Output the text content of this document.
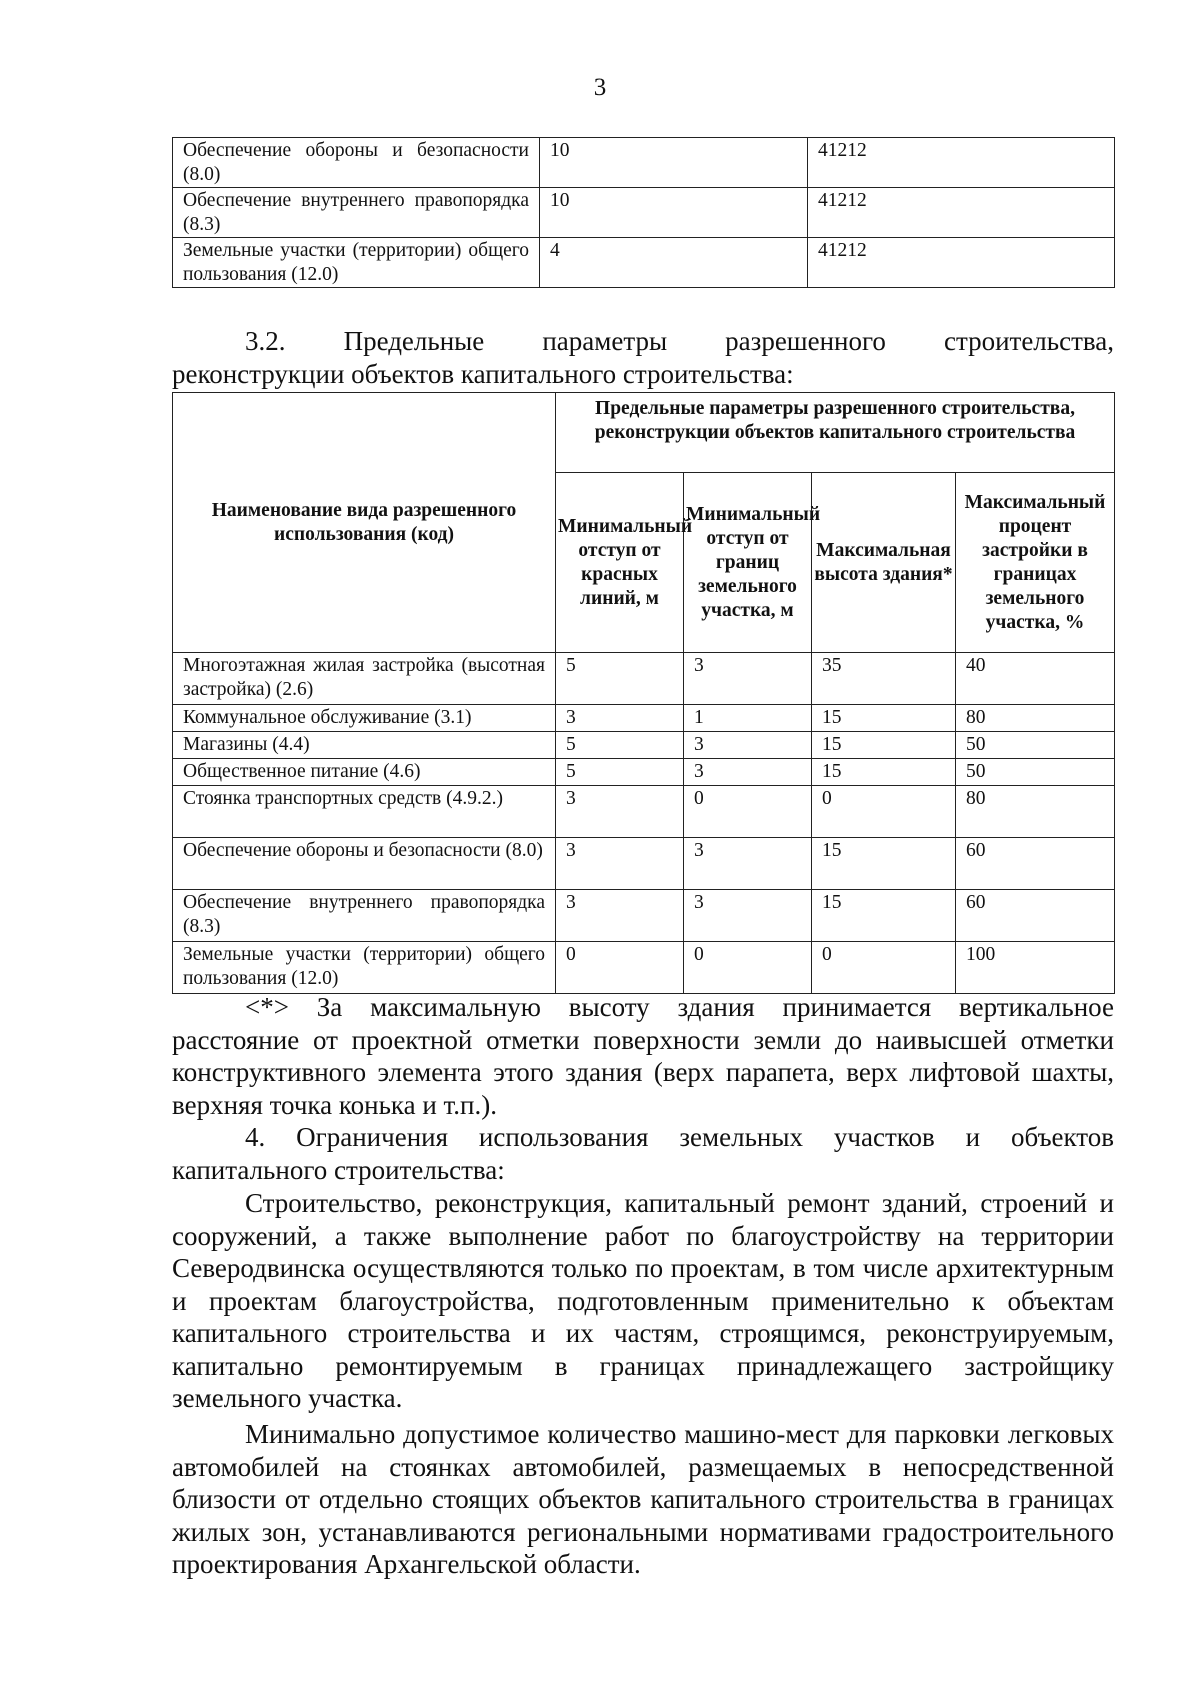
3
Обеспечение обороны и безопасности (8.0)	10	41212
Обеспечение внутреннего правопорядка (8.3)	10	41212
Земельные участки (территории) общего пользования (12.0)	4	41212
3.2. Предельные параметры разрешенного строительства,
реконструкции объектов капитального строительства:
Наименование вида разрешенного использования (код)	Предельные параметры разрешенного строительства, реконструкции объектов капитального строительства			
	Минимальный отступ от красных линий, м	Минимальный отступ от границ земельного участка, м	Максимальная высота здания*	Максимальный процент застройки в границах земельного участка, %
Многоэтажная жилая застройка (высотная застройка) (2.6)	5	3	35	40
Коммунальное обслуживание (3.1)	3	1	15	80
Магазины (4.4)	5	3	15	50
Общественное питание (4.6)	5	3	15	50
Стоянка транспортных средств (4.9.2.)	3	0	0	80
Обеспечение обороны и безопасности (8.0)	3	3	15	60
Обеспечение внутреннего правопорядка (8.3)	3	3	15	60
Земельные участки (территории) общего пользования (12.0)	0	0	0	100
<*> За максимальную высоту здания принимается вертикальное расстояние от проектной отметки поверхности земли до наивысшей отметки конструктивного элемента этого здания (верх парапета, верх лифтовой шахты, верхняя точка конька и т.п.).
4. Ограничения использования земельных участков и объектов капитального строительства:
Строительство, реконструкция, капитальный ремонт зданий, строений и сооружений, а также выполнение работ по благоустройству на территории Северодвинска осуществляются только по проектам, в том числе архитектурным и проектам благоустройства, подготовленным применительно к объектам капитального строительства и их частям, строящимся, реконструируемым, капитально ремонтируемым в границах принадлежащего застройщику земельного участка.
Минимально допустимое количество машино-мест для парковки легковых автомобилей на стоянках автомобилей, размещаемых в непосредственной близости от отдельно стоящих объектов капитального строительства в границах жилых зон, устанавливаются региональными нормативами градостроительного проектирования Архангельской области.
